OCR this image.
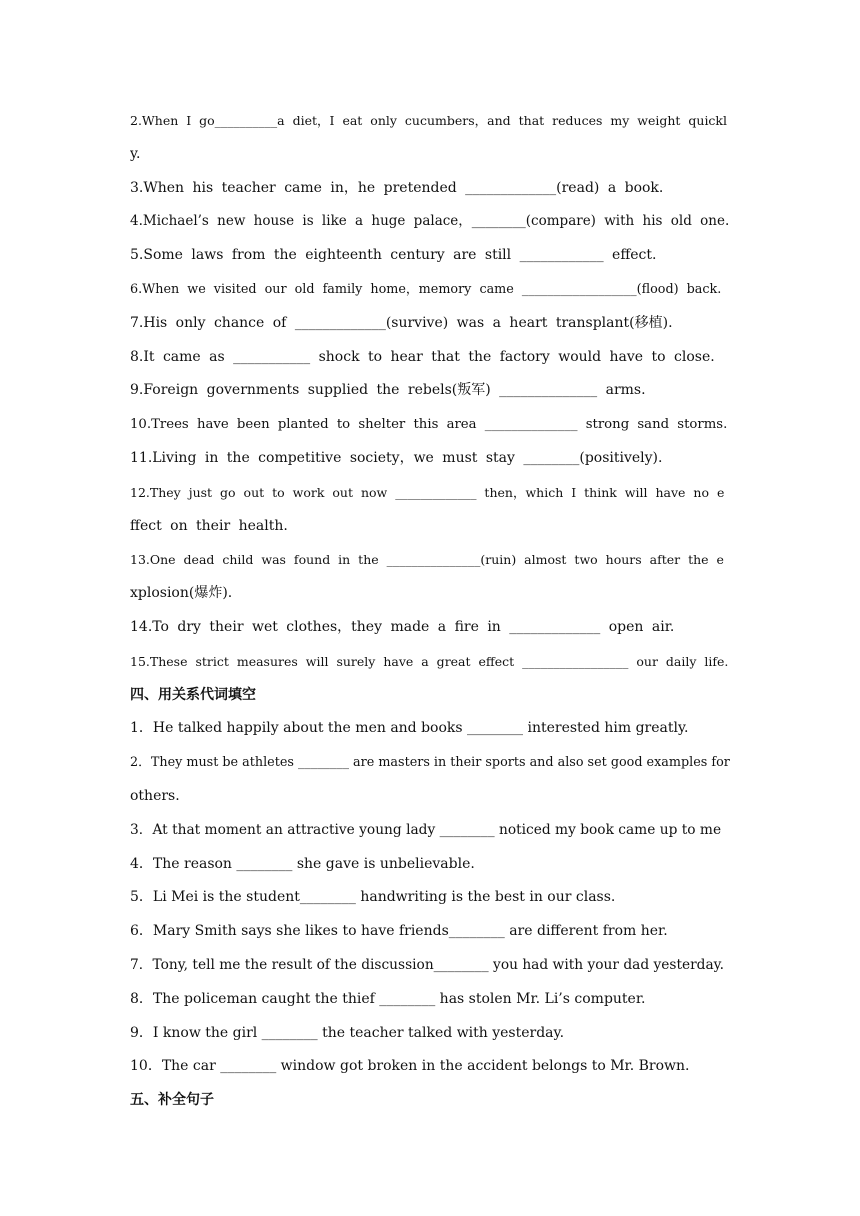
2.When I go__________a diet，I eat only cucumbers，and that reduces my weight quickl
y.
3.When his teacher came in，he pretended _____________(read) a book.
4.Michael’s new house is like a huge palace，________(compare) with his old one.
5.Some laws from the eighteenth century are still ____________ effect.
6.When we visited our old family home，memory came __________________(flood) back.
7.His only chance of _____________(survive) was a heart transplant(移植).
8.It came as ___________ shock to hear that the factory would have to close.
9.Foreign governments supplied the rebels(叛军) ______________ arms.
10.Trees have been planted to shelter this area ______________ strong sand storms.
11.Living in the competitive society，we must stay ________(positively).
12.They just go out to work out now _____________ then，which I think will have no e
ffect on their health.
13.One dead child was found in the _______________(ruin) almost two hours after the e
xplosion(爆炸).
14.To dry their wet clothes，they made a fire in _____________ open air.
15.These strict measures will surely have a great effect _________________ our daily life.
四、用关系代词填空
1．He talked happily about the men and books ________ interested him greatly.
2．They must be athletes ________ are masters in their sports and also set good examples for
others.
3．At that moment an attractive young lady ________ noticed my book came up to me
4．The reason ________ she gave is unbelievable.
5．Li Mei is the student________ handwriting is the best in our class.
6．Mary Smith says she likes to have friends________ are different from her.
7．Tony, tell me the result of the discussion________ you had with your dad yesterday.
8．The policeman caught the thief ________ has stolen Mr. Li’s computer.
9．I know the girl ________ the teacher talked with yesterday.
10．The car ________ window got broken in the accident belongs to Mr. Brown.
五、补全句子
